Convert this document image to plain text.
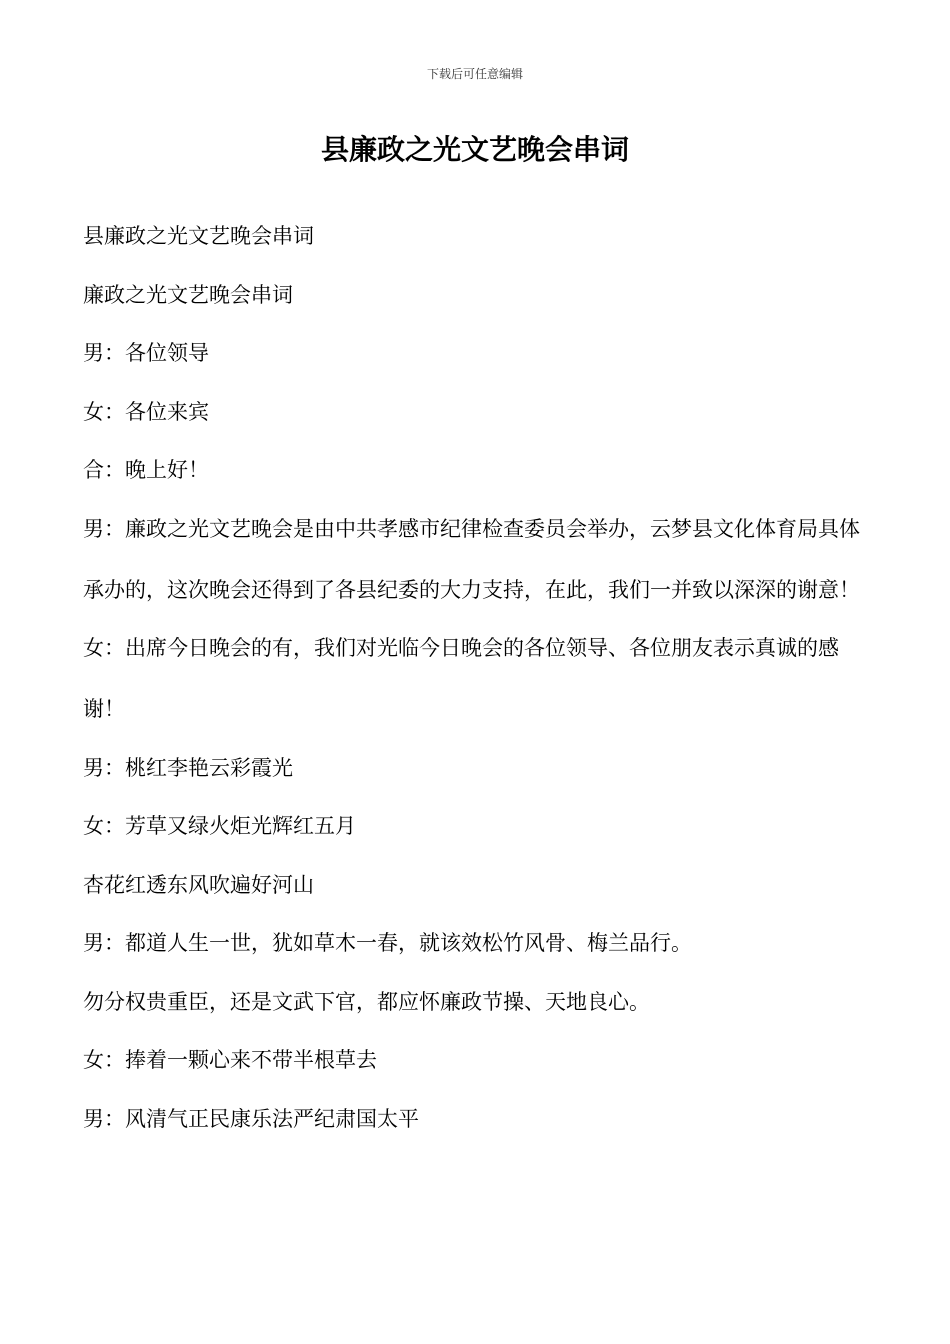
下载后可任意编辑
县廉政之光文艺晚会串词

县廉政之光文艺晚会串词

廉政之光文艺晚会串词

男：各位领导

女：各位来宾

合：晚上好！

男：廉政之光文艺晚会是由中共孝感市纪律检查委员会举办，云梦县文化体育局具体承办的，这次晚会还得到了各县纪委的大力支持，在此，我们一并致以深深的谢意！

女：出席今日晚会的有，我们对光临今日晚会的各位领导、各位朋友表示真诚的感谢！

男：桃红李艳云彩霞光

女：芳草又绿火炬光辉红五月

杏花红透东风吹遍好河山

男：都道人生一世，犹如草木一春，就该效松竹风骨、梅兰品行。

勿分权贵重臣，还是文武下官，都应怀廉政节操、天地良心。

女：捧着一颗心来不带半根草去

男：风清气正民康乐法严纪肃国太平
